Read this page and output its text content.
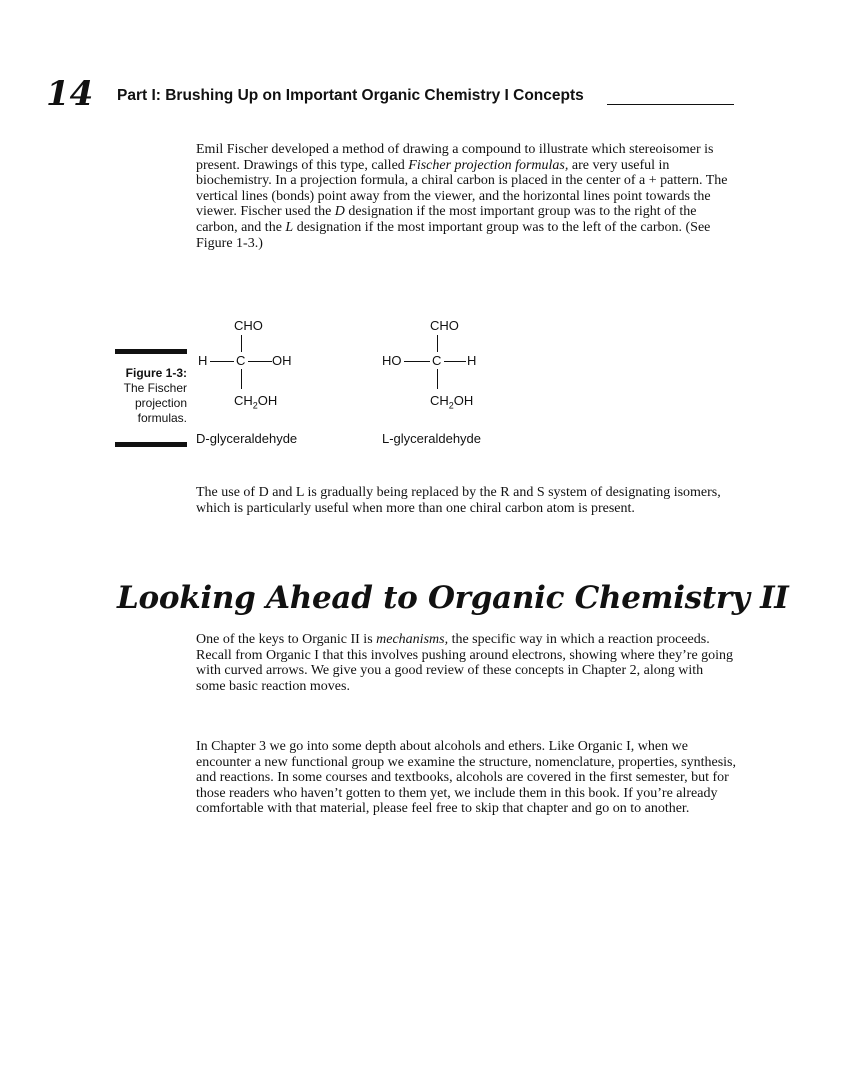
14 Part I: Brushing Up on Important Organic Chemistry I Concepts

Emil Fischer developed a method of drawing a compound to illustrate which stereoisomer is present. Drawings of this type, called Fischer projection formulas, are very useful in biochemistry. In a projection formula, a chiral carbon is placed in the center of a + pattern. The vertical lines (bonds) point away from the viewer, and the horizontal lines point towards the viewer. Fischer used the D designation if the most important group was to the right of the carbon, and the L designation if the most important group was to the left of the carbon. (See Figure 1-3.)

Figure 1-3:
The Fischer projection formulas.
CHO
H C OH
$CH_2OH$
D-glyceraldehyde
CHO
HO C H
$CH_2OH$
L-glyceraldehyde

The use of D and L is gradually being replaced by the R and S system of designating isomers, which is particularly useful when more than one chiral carbon atom is present.

Looking Ahead to Organic Chemistry II

One of the keys to Organic II is mechanisms, the specific way in which a reaction proceeds. Recall from Organic I that this involves pushing around electrons, showing where they’re going with curved arrows. We give you a good review of these concepts in Chapter 2, along with some basic reaction moves.

In Chapter 3 we go into some depth about alcohols and ethers. Like Organic I, when we encounter a new functional group we examine the structure, nomenclature, properties, synthesis, and reactions. In some courses and textbooks, alcohols are covered in the first semester, but for those readers who haven’t gotten to them yet, we include them in this book. If you’re already comfortable with that material, please feel free to skip that chapter and go on to another.
